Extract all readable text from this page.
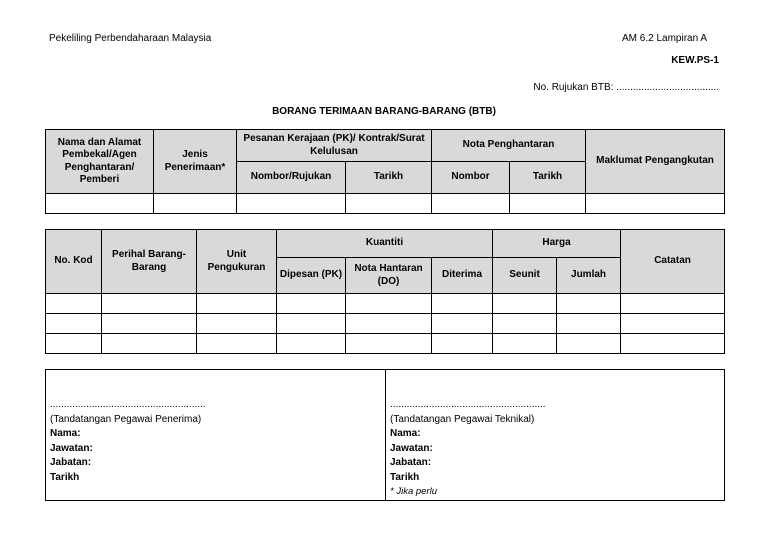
Pekeliling Perbendaharaan Malaysia	AM 6.2 Lampiran A
KEW.PS-1
No. Rujukan BTB: .....................................
BORANG TERIMAAN BARANG-BARANG (BTB)
Nama dan Alamat Pembekal/Agen Penghantaran/ Pemberi	Jenis Penerimaan*	Pesanan Kerajaan (PK)/ Kontrak/Surat Kelulusan		Nota Penghantaran		Maklumat Pengangkutan
		Nombor/Rujukan	Tarikh	Nombor	Tarikh	

No. Kod	Perihal Barang- Barang	Unit Pengukuran	Kuantiti			Harga		Catatan
			Dipesan (PK)	Nota Hantaran (DO)	Diterima	Seunit	Jumlah	

........................................................
(Tandatangan Pegawai Penerima)
Nama:
Jawatan:
Jabatan:
Tarikh
........................................................
(Tandatangan Pegawai Teknikal)
Nama:
Jawatan:
Jabatan:
Tarikh
* Jika perlu
